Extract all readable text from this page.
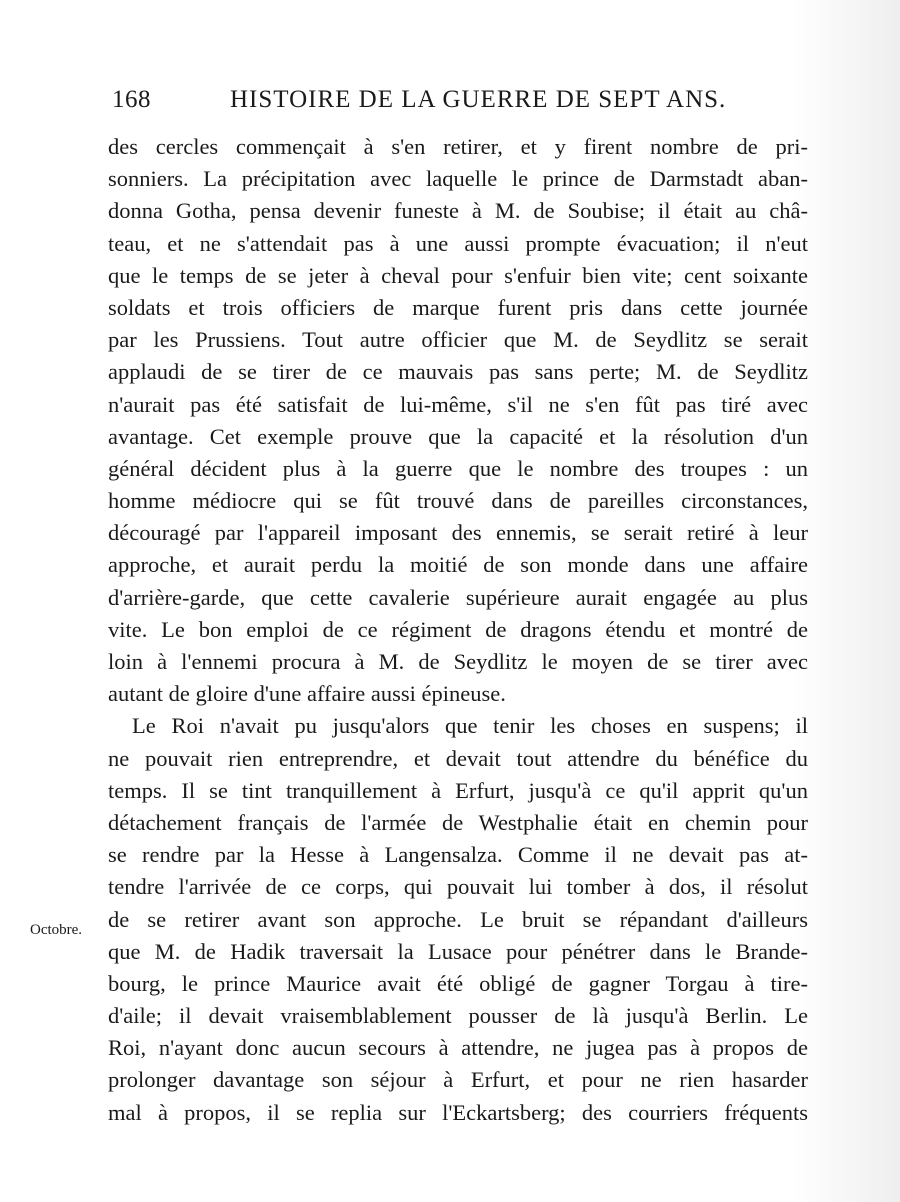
168	HISTOIRE DE LA GUERRE DE SEPT ANS.
Octobre.
des cercles commençait à s'en retirer, et y firent nombre de pri-
sonniers. La précipitation avec laquelle le prince de Darmstadt aban-
donna Gotha, pensa devenir funeste à M. de Soubise; il était au châ-
teau, et ne s'attendait pas à une aussi prompte évacuation; il n'eut
que le temps de se jeter à cheval pour s'enfuir bien vite; cent soixante
soldats et trois officiers de marque furent pris dans cette journée
par les Prussiens. Tout autre officier que M. de Seydlitz se serait
applaudi de se tirer de ce mauvais pas sans perte; M. de Seydlitz
n'aurait pas été satisfait de lui-même, s'il ne s'en fût pas tiré avec
avantage. Cet exemple prouve que la capacité et la résolution d'un
général décident plus à la guerre que le nombre des troupes : un
homme médiocre qui se fût trouvé dans de pareilles circonstances,
découragé par l'appareil imposant des ennemis, se serait retiré à leur
approche, et aurait perdu la moitié de son monde dans une affaire
d'arrière-garde, que cette cavalerie supérieure aurait engagée au plus
vite. Le bon emploi de ce régiment de dragons étendu et montré de
loin à l'ennemi procura à M. de Seydlitz le moyen de se tirer avec
autant de gloire d'une affaire aussi épineuse.
Le Roi n'avait pu jusqu'alors que tenir les choses en suspens; il
ne pouvait rien entreprendre, et devait tout attendre du bénéfice du
temps. Il se tint tranquillement à Erfurt, jusqu'à ce qu'il apprit qu'un
détachement français de l'armée de Westphalie était en chemin pour
se rendre par la Hesse à Langensalza. Comme il ne devait pas at-
tendre l'arrivée de ce corps, qui pouvait lui tomber à dos, il résolut
de se retirer avant son approche. Le bruit se répandant d'ailleurs
que M. de Hadik traversait la Lusace pour pénétrer dans le Brande-
bourg, le prince Maurice avait été obligé de gagner Torgau à tire-
d'aile; il devait vraisemblablement pousser de là jusqu'à Berlin. Le
Roi, n'ayant donc aucun secours à attendre, ne jugea pas à propos de
prolonger davantage son séjour à Erfurt, et pour ne rien hasarder
mal à propos, il se replia sur l'Eckartsberg; des courriers fréquents
